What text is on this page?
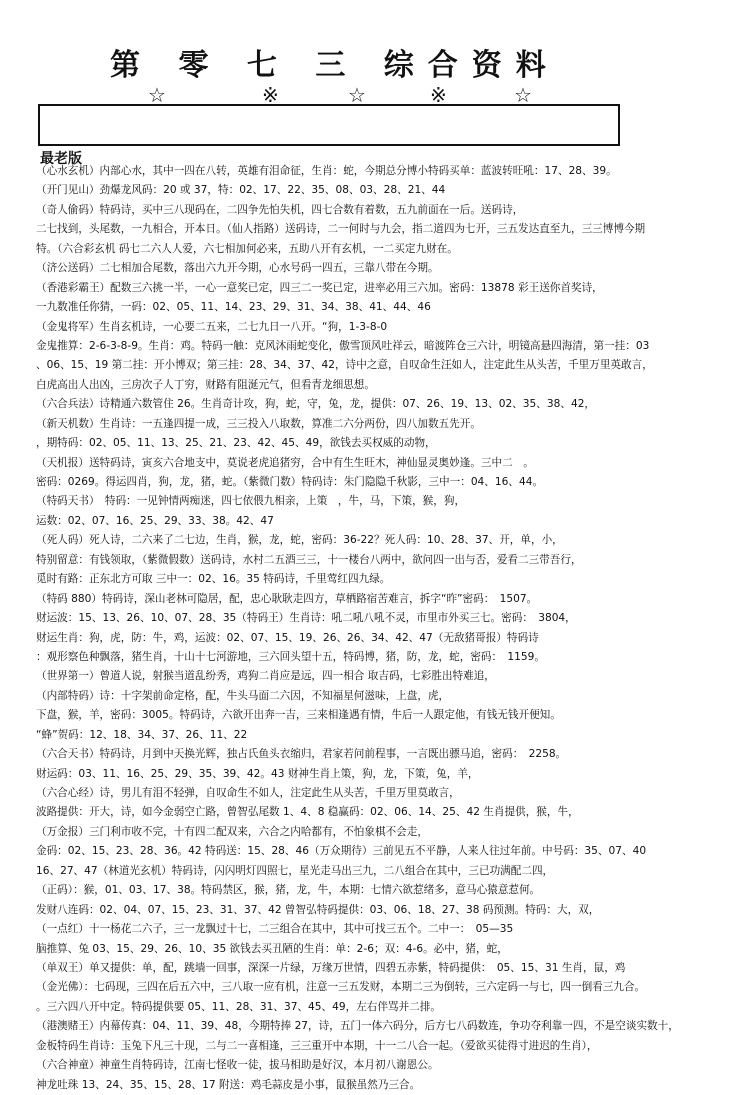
第 零 七 三 综合资料
☆	※	☆	※	☆
最老版
（心水玄机）内部心水，其中一四在八转，英雄有泪命征，生肖：蛇，今期总分博小特码买单：蓝波转旺吼：17、28、39。
（开门见山）劲爆龙风码：20 或 37，特：02、17、22、35、08、03、28、21、44
（奇人偷码）特码诗，买中三八现码在，二四争先怕失机，四七合数有着数，五九前面在一后。送码诗，
二七找到，头尾数，一九相合，开本日。（仙人指路）送码诗，二一何时与九会，指二道四为七开，三五发达直至九，三三博博今期
特。（六合彩玄机 码七二六人人爱，六七相加何必来，五助八开有玄机，一二买定九财在。
（济公送码）二七相加合尾数，落出六九开今期，心水号码一四五，三靠八带在今期。
（香港彩霸王）配数三六挑一半，一心一意奖已定，四三二一奖已定，进率必用三六加。密码：13878 彩王送你首奖诗，
一九数准任你猜，一码：02、05、11、14、23、29、31、34、38、41、44、46
（金鬼将军）生肖玄机诗，一心要二五来，二七九日一八开。“狗，1-3-8-0
金鬼推算：2-6-3-8-9。生肖：鸡。特码一触：克风沐雨蛇变化，傲雪顶风吐祥云，暗渡阵仓三六计，明镜高悬四海清，第一挂：03
、06、15、19 第二挂：开小博双；第三挂：28、34、37、42，诗中之意，自叹命生汪如人，注定此生从头苦，千里万里英敢言，
白虎高出人出凶，三房次子人丁穷，财路有阻涎元气，但看青龙细思想。
（六合兵法）诗精通六数管住 26。生肖奇计攻，狗，蛇，守，兔，龙，提供：07、26、19、13、02、35、38、42，
（新天机数）生肖诗：一五逢四提一成，三三投入八取数，算准二六分两份，四八加数五先开。
，期特码：02、05、11、13、25、21、23、42、45、49，欲钱去买权威的动物，
（天机报）送特码诗，寅亥六合地支中，莫说老虎追猪穷，合中有生生旺木，神仙显灵奥妙逢。三中二　。
密码：0269。得运四肖，狗，龙，猪，蛇。（紫微门数）特码诗：朱门隐隐千秋影，三中一：04、16、44。
（特码天书）　特码：一见钟情两痴迷，四七依偎九相亲，上策　，牛，马，下策，猴，狗，
运数：02、07、16、25、29、33、38。42、47
（死人码）死人诗，二六来了二七边，生肖，猴，龙，蛇，密码：36-22？死人码：10、28、37、开，单，小，
特别留意：有钱领取，（紫微假数）送码诗，水村二五酒三三，十一楼台八两中，欲问四一出与否，爱看二三带吾行，
觅时有路：正东北方可取 三中一：02、16。35 特码诗，千里莺红四九绿。
（特码 880）特码诗，深山老林可隐居，配，忠心耿耿走四方，草栖路宿苦难言，拆字“昨”密码：　1507。
财运波：15、13、26、10、07、28、35（特码王）生肖诗：吼二吼八吼不灵，市里市外买三七。密码：　3804，
财运生肖：狗，虎，防：牛，鸡，运波：02、07、15、19、26、26、34、42、47（无敌猪哥报）特码诗
：观形察色种飘落，猪生肖，十山十七河游地，三六回头望十五，特码博，猪，防，龙，蛇，密码：　1159。
（世界第一）曾道人说，射猴当道乱纷秀，鸡狗二肖应是远，四一相合 取吉码，七彩胜出特难追，
（内部特码）诗：十字架前命定格，配，牛头马面二六因，不知福星何滋味，上盘，虎，
下盘，猴，羊，密码：3005。特码诗，六欲开出奔一吉，三来相逢遇有情，牛后一人跟定他，有钱无钱开便知。
“蜂”贺码：12、18、34、37、26、11、22
（六合天书）特码诗，月到中天换光辉，独占氏鱼头衣缩归，君家若问前程事，一言既出骠马追，密码：　2258。
财运码：03、11、16、25、29、35、39、42。43 财神生肖上策，狗，龙，下策，兔，羊，
（六合心经）诗，男儿有泪不轻弹，自叹命生不如人，注定此生从头苦，千里万里莫敢言，
波路提供：开大，诗，如今金弱空亡路，曾智弘尾数 1、4、8 稳赢码：02、06、14、25、42 生肖提供，猴，牛，
（万金报）三门利市收不完，十有四二配双来，六合之内哈都有，不怕象棋不会走，
金码：02、15、23、28、36。42 特码送：15、28、46（万众期待）三前见五不平静，人来人往过年前。中号码：35、07、40
16、27、47（林道光玄机）特码诗，闪闪明灯四照七，星光走马出三九，二八组合在其中，三已功满配二四，
（正码）：猴，01、03、17、38。特码禁区，猴，猪，龙，牛，本期：七情六欲惹绪多，意马心猿意惹何。
发财八连码：02、04、07、15、23、31、37、42 曾智弘特码提供：03、06、18、27、38 码预测。特码：大，双，
（一点红）十一杨花二六子，三一龙飘过十七，二三组合在其中，其中可找三五个。二中一：　05—35
脑推算、兔 03、15、29、26、10、35 欲钱去买丑陋的生肖：单：2-6；双：4-6。必中，猪，蛇，
（单双王）单又提供：单，配，跳墙一回事，深深一片绿，万缘万世情，四碧五赤紫，特码提供：　05、15、31 生肖，鼠，鸡
（金光佛）：七码现，三四在后五六中，三八取一应有机，注意一三五发财，本期二三为倒转，三六定码一与七，四一倒看三九合。
。三六四八开中定。特码提供要 05、11、28、31、37、45、49，左右伴骂并二排。
（港澳赌王）内幕传真：04、11、39、48，今期特捧 27，诗，五门一体六码分，后方七八码数连，争功夺利靠一四，不是空谈实数十，
金板特码生肖诗：玉兔下凡三十现，二与二一喜相逢，三三重开中本期，十一二八合一起。（爱欲买徒得寸进迟的生肖），
（六合神童）神童生肖特码诗，江南七怪收一徒，拔马相助是好汉，本月初八谢恩公。
神龙吐珠 13、24、35、15、28、17 附送：鸡毛蒜皮是小事，鼠猴虽然乃三合。
